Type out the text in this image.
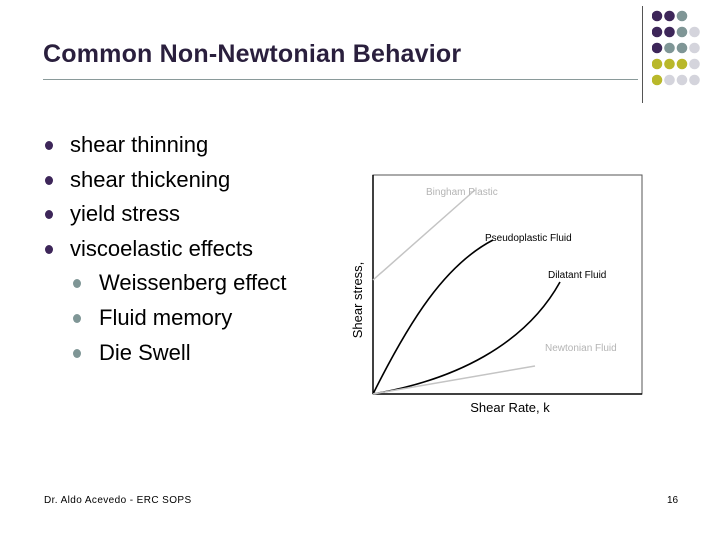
Common Non-Newtonian Behavior
shear thinning
shear thickening
yield stress
viscoelastic effects
Weissenberg effect
Fluid memory
Die Swell
Bingham Plastic
Pseudoplastic Fluid
Dilatant Fluid
Newtonian Fluid
Shear Rate, k
Shear stress,
Dr. Aldo Acevedo - ERC SOPS	16
